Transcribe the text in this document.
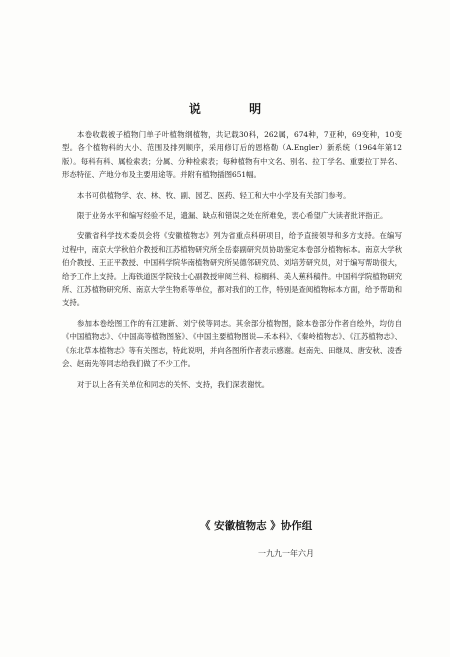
说 明

本卷收载被子植物门单子叶植物纲植物，共记载30科，262属，674种，7亚种，69变种，10变型。各个植物科的大小、范围及排列顺序，采用修订后的恩格勒（A.Engler）新系统（1964年第12版）。每科有科、属检索表；分属、分种检索表；每种植物有中文名、别名、拉丁学名、重要拉丁异名、形态特征、产地分布及主要用途等。并附有植物插图651幅。

本书可供植物学、农、林、牧、副、园艺、医药、轻工和大中小学及有关部门参考。

限于业务水平和编写经验不足，遗漏、缺点和错误之处在所难免，衷心希望广大读者批评指正。

安徽省科学技术委员会将《安徽植物志》列为省重点科研项目，给予直接领导和多方支持。在编写过程中，南京大学秋伯介教授和江苏植物研究所全岳泰副研究员协助鉴定本卷部分植物标本。南京大学秋伯介教授、王正平教授、中国科学院华南植物研究所吴德邻研究员、刘培芳研究员，对于编写帮助很大，给予工作上支持。上海铁道医学院钱士心副教授审阅兰科、棕榈科、美人蕉科稿件。中国科学院植物研究所、江苏植物研究所、南京大学生物系等单位，都对我们的工作，特别是查阅植物标本方面，给予帮助和支持。

参加本卷绘图工作的有江建新、刘宁侯等同志。其余部分植物图，除本卷部分作者自绘外，均仿自《中国植物志》、《中国高等植物图鉴》、《中国主要植物图说—禾本科》、《秦岭植物志》、《江苏植物志》、《东北草本植物志》等有关图志，特此说明，并向各图所作者表示感谢。赵南先、田继凤、唐安秋、凌香会、赵南先等同志给我们做了不少工作。

对于以上各有关单位和同志的关怀、支持，我们深表谢忱。

《 安徽植物志 》协作组
一九九一年六月
